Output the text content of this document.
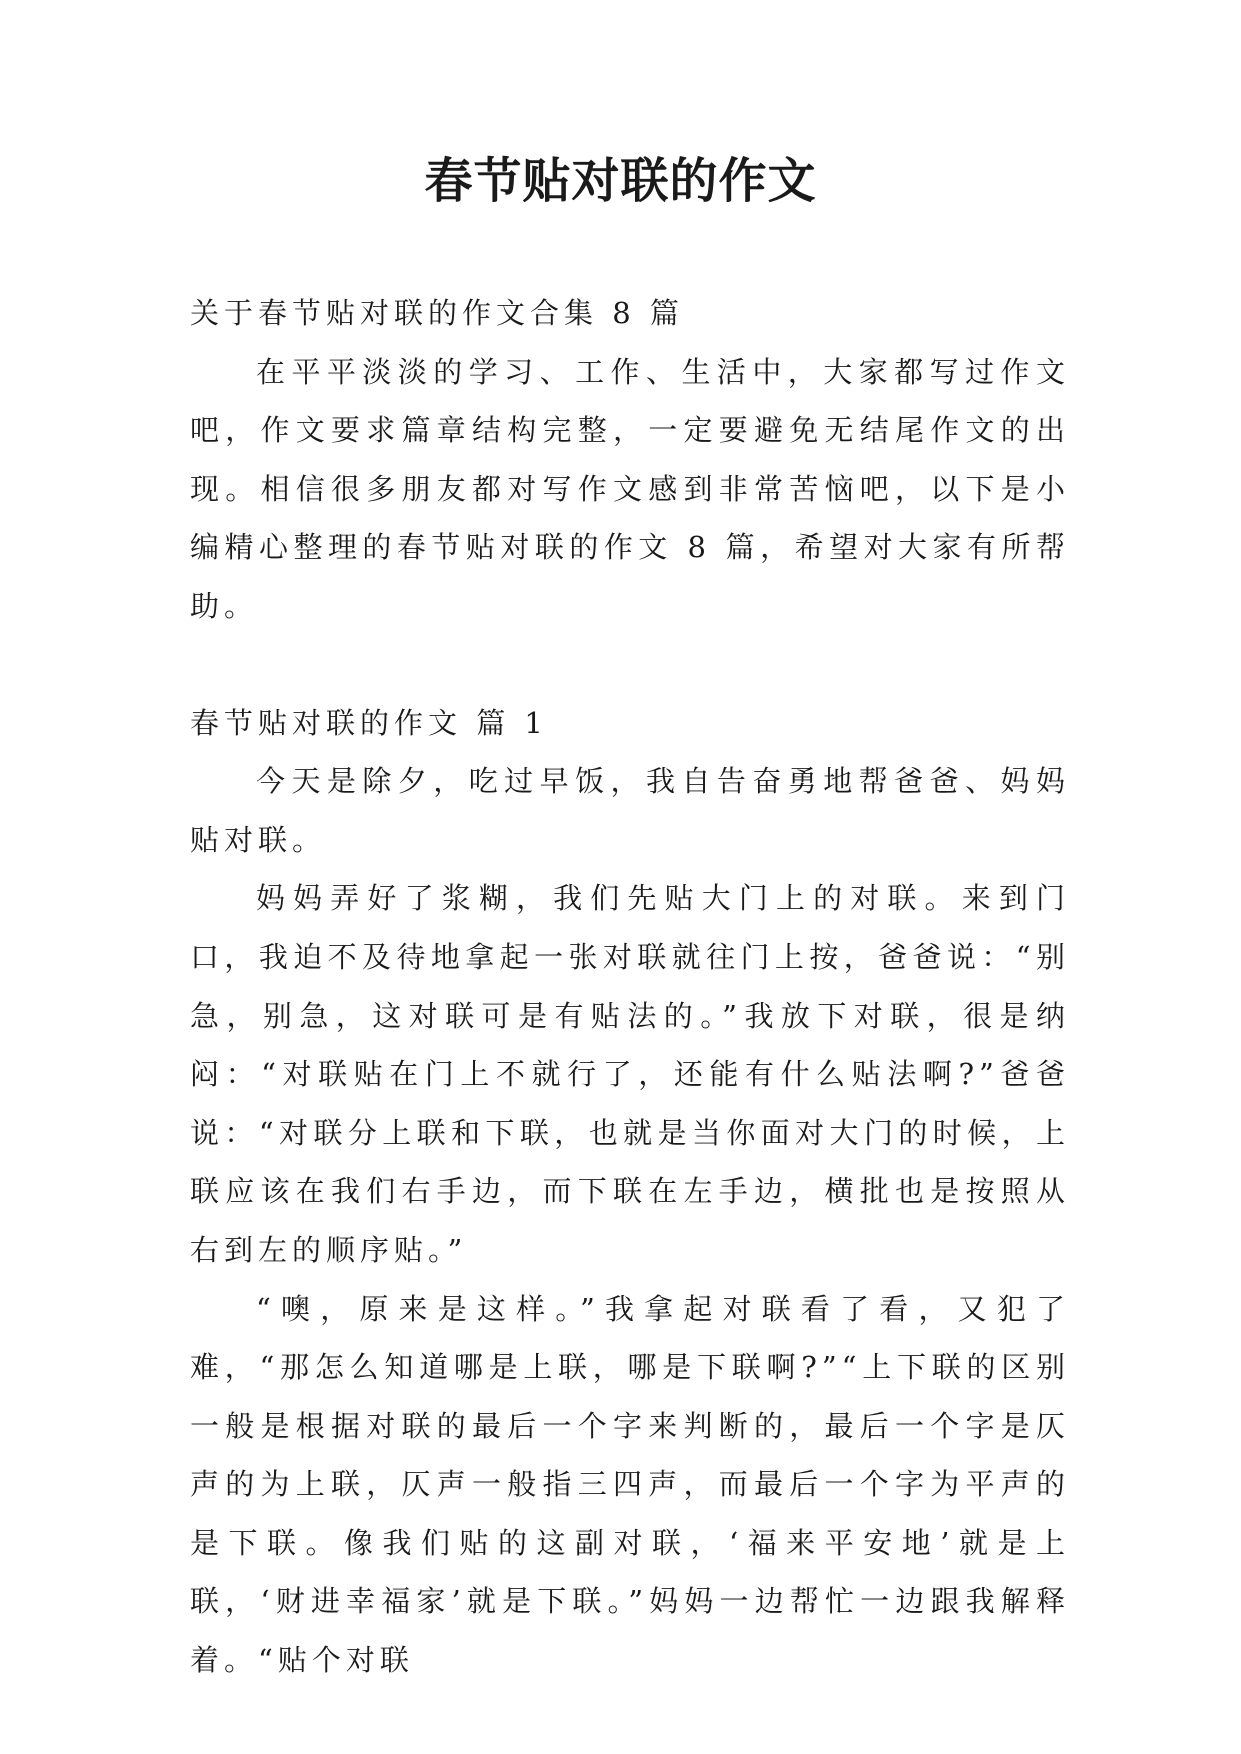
春节贴对联的作文

关于春节贴对联的作文合集 8 篇

在平平淡淡的学习、工作、生活中，大家都写过作文吧，作文要求篇章结构完整，一定要避免无结尾作文的出现。相信很多朋友都对写作文感到非常苦恼吧，以下是小编精心整理的春节贴对联的作文 8 篇，希望对大家有所帮助。

春节贴对联的作文 篇 1

今天是除夕，吃过早饭，我自告奋勇地帮爸爸、妈妈贴对联。

妈妈弄好了浆糊，我们先贴大门上的对联。来到门口，我迫不及待地拿起一张对联就往门上按，爸爸说：“别急，别急，这对联可是有贴法的。”我放下对联，很是纳闷：“对联贴在门上不就行了，还能有什么贴法啊?”爸爸说：“对联分上联和下联，也就是当你面对大门的时候，上联应该在我们右手边，而下联在左手边，横批也是按照从右到左的顺序贴。”

“噢，原来是这样。”我拿起对联看了看，又犯了难，“那怎么知道哪是上联，哪是下联啊?”“上下联的区别一般是根据对联的最后一个字来判断的，最后一个字是仄声的为上联，仄声一般指三四声，而最后一个字为平声的是下联。像我们贴的这副对联，‘福来平安地’就是上联，‘财进幸福家’就是下联。”妈妈一边帮忙一边跟我解释着。“贴个对联
